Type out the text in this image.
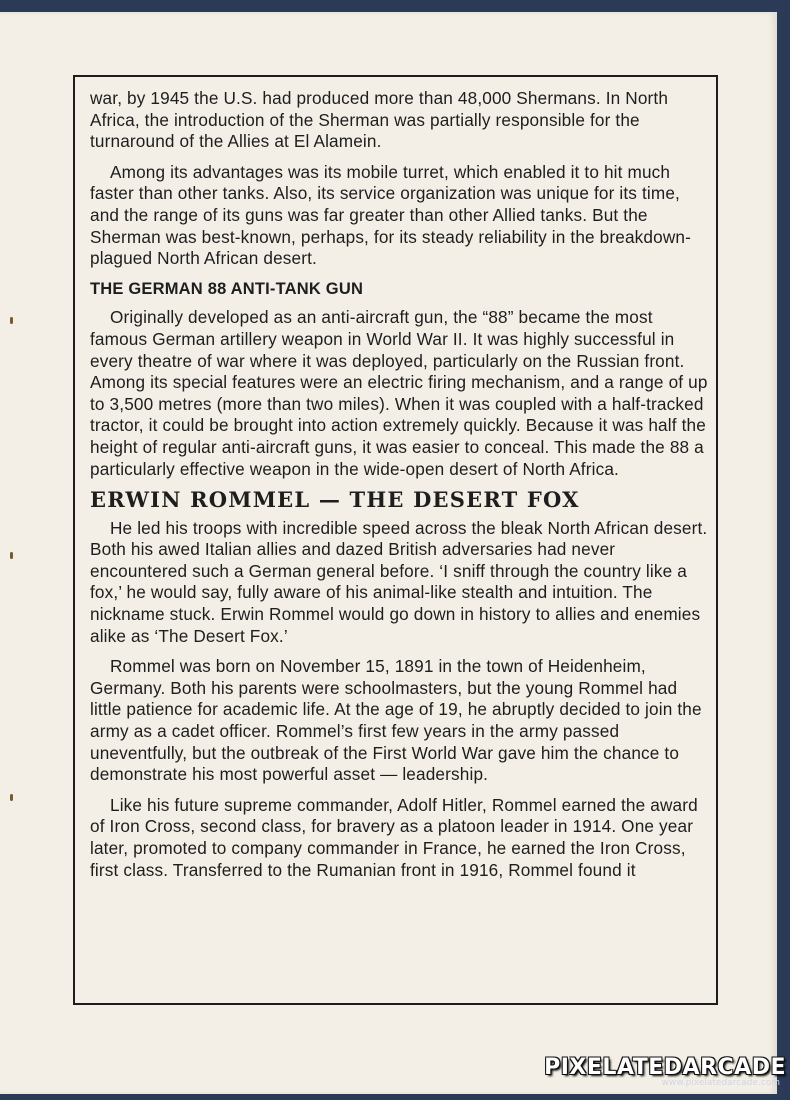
war, by 1945 the U.S. had produced more than 48,000 Shermans. In North Africa, the introduction of the Sherman was partially responsible for the turnaround of the Allies at El Alamein.

Among its advantages was its mobile turret, which enabled it to hit much faster than other tanks. Also, its service organization was unique for its time, and the range of its guns was far greater than other Allied tanks. But the Sherman was best-known, perhaps, for its steady reliability in the breakdown-plagued North African desert.

THE GERMAN 88 ANTI-TANK GUN

Originally developed as an anti-aircraft gun, the “88” became the most famous German artillery weapon in World War II. It was highly successful in every theatre of war where it was deployed, particularly on the Russian front. Among its special features were an electric firing mechanism, and a range of up to 3,500 metres (more than two miles). When it was coupled with a half-tracked tractor, it could be brought into action extremely quickly. Because it was half the height of regular anti-aircraft guns, it was easier to conceal. This made the 88 a particularly effective weapon in the wide-open desert of North Africa.

ERWIN ROMMEL — THE DESERT FOX

He led his troops with incredible speed across the bleak North African desert. Both his awed Italian allies and dazed British adversaries had never encountered such a German general before. ‘I sniff through the country like a fox,’ he would say, fully aware of his animal-like stealth and intuition. The nickname stuck. Erwin Rommel would go down in history to allies and enemies alike as ‘The Desert Fox.’

Rommel was born on November 15, 1891 in the town of Heidenheim, Germany. Both his parents were schoolmasters, but the young Rommel had little patience for academic life. At the age of 19, he abruptly decided to join the army as a cadet officer. Rommel’s first few years in the army passed uneventfully, but the outbreak of the First World War gave him the chance to demonstrate his most powerful asset — leadership.

Like his future supreme commander, Adolf Hitler, Rommel earned the award of Iron Cross, second class, for bravery as a platoon leader in 1914. One year later, promoted to company commander in France, he earned the Iron Cross, first class. Transferred to the Rumanian front in 1916, Rommel found it

PIXELATEDARCADE
www.pixelatedarcade.com
